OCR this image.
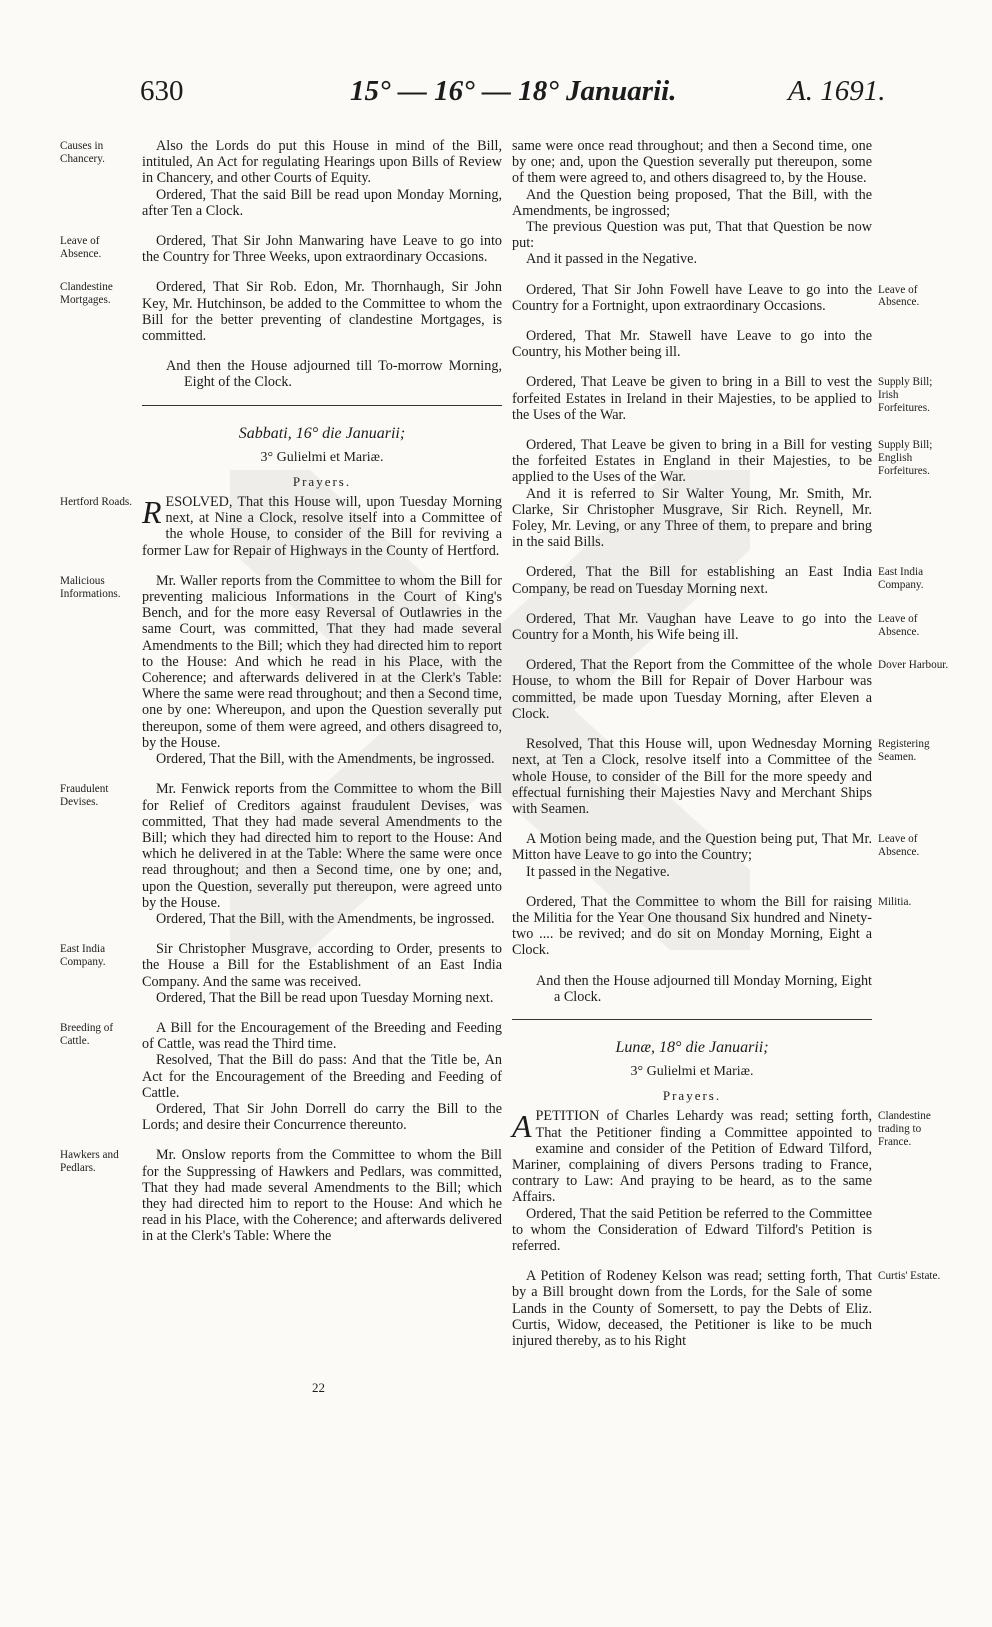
630	15° — 16° — 18° Januarii.	A. 1691.
Causes in Chancery.

Also the Lords do put this House in mind of the Bill, intituled, An Act for regulating Hearings upon Bills of Review in Chancery, and other Courts of Equity.

Ordered, That the said Bill be read upon Monday Morning, after Ten a Clock.

Leave of Absence.

Ordered, That Sir John Manwaring have Leave to go into the Country for Three Weeks, upon extraordinary Occasions.

Clandestine Mortgages.

Ordered, That Sir Rob. Edon, Mr. Thornhaugh, Sir John Key, Mr. Hutchinson, be added to the Committee to whom the Bill for the better preventing of clandestine Mortgages, is committed.

And then the House adjourned till To-morrow Morning, Eight of the Clock.

Sabbati, 16° die Januarii;
3° Gulielmi et Mariæ.
Prayers.
Hertford Roads. RESOLVED, That this House will, upon Tuesday Morning next, at Nine a Clock, resolve itself into a Committee of the whole House, to consider of the Bill for reviving a former Law for Repair of Highways in the County of Hertford.

Malicious Informations.

Mr. Waller reports from the Committee to whom the Bill for preventing malicious Informations in the Court of King's Bench, and for the more easy Reversal of Outlawries in the same Court, was committed, That they had made several Amendments to the Bill; which they had directed him to report to the House: And which he read in his Place, with the Coherence; and afterwards delivered in at the Clerk's Table: Where the same were read throughout; and then a Second time, one by one: Whereupon, and upon the Question severally put thereupon, some of them were agreed, and others disagreed to, by the House.

Ordered, That the Bill, with the Amendments, be ingrossed.

Fraudulent Devises.

Mr. Fenwick reports from the Committee to whom the Bill for Relief of Creditors against fraudulent Devises, was committed, That they had made several Amendments to the Bill; which they had directed him to report to the House: And which he delivered in at the Table: Where the same were once read throughout; and then a Second time, one by one; and, upon the Question, severally put thereupon, were agreed unto by the House.

Ordered, That the Bill, with the Amendments, be ingrossed.

East India Company.

Sir Christopher Musgrave, according to Order, presents to the House a Bill for the Establishment of an East India Company. And the same was received.

Ordered, That the Bill be read upon Tuesday Morning next.

Breeding of Cattle.

A Bill for the Encouragement of the Breeding and Feeding of Cattle, was read the Third time.

Resolved, That the Bill do pass: And that the Title be, An Act for the Encouragement of the Breeding and Feeding of Cattle.

Ordered, That Sir John Dorrell do carry the Bill to the Lords; and desire their Concurrence thereunto.

Hawkers and Pedlars.

Mr. Onslow reports from the Committee to whom the Bill for the Suppressing of Hawkers and Pedlars, was committed, That they had made several Amendments to the Bill; which they had directed him to report to the House: And which he read in his Place, with the Coherence; and afterwards delivered in at the Clerk's Table: Where the

same were once read throughout; and then a Second time, one by one; and, upon the Question severally put thereupon, some of them were agreed to, and others disagreed to, by the House.

And the Question being proposed, That the Bill, with the Amendments, be ingrossed;

The previous Question was put, That that Question be now put:

And it passed in the Negative.

Leave of Absence.

Ordered, That Sir John Fowell have Leave to go into the Country for a Fortnight, upon extraordinary Occasions.

Ordered, That Mr. Stawell have Leave to go into the Country, his Mother being ill.

Supply Bill; Irish Forfeitures.

Ordered, That Leave be given to bring in a Bill to vest the forfeited Estates in Ireland in their Majesties, to be applied to the Uses of the War.

Supply Bill; English Forfeitures.

Ordered, That Leave be given to bring in a Bill for vesting the forfeited Estates in England in their Majesties, to be applied to the Uses of the War.

And it is referred to Sir Walter Young, Mr. Smith, Mr. Clarke, Sir Christopher Musgrave, Sir Rich. Reynell, Mr. Foley, Mr. Leving, or any Three of them, to prepare and bring in the said Bills.

East India Company.

Ordered, That the Bill for establishing an East India Company, be read on Tuesday Morning next.

Leave of Absence.

Ordered, That Mr. Vaughan have Leave to go into the Country for a Month, his Wife being ill.

Dover Harbour.

Ordered, That the Report from the Committee of the whole House, to whom the Bill for Repair of Dover Harbour was committed, be made upon Tuesday Morning, after Eleven a Clock.

Registering Seamen.

Resolved, That this House will, upon Wednesday Morning next, at Ten a Clock, resolve itself into a Committee of the whole House, to consider of the Bill for the more speedy and effectual furnishing their Majesties Navy and Merchant Ships with Seamen.

Leave of Absence.

A Motion being made, and the Question being put, That Mr. Mitton have Leave to go into the Country;

It passed in the Negative.

Militia.

Ordered, That the Committee to whom the Bill for raising the Militia for the Year One thousand Six hundred and Ninety-two .... be revived; and do sit on Monday Morning, Eight a Clock.

And then the House adjourned till Monday Morning, Eight a Clock.

Lunæ, 18° die Januarii;
3° Gulielmi et Mariæ.
Prayers.
Clandestine trading to France.

APETITION of Charles Lehardy was read; setting forth, That the Petitioner finding a Committee appointed to examine and consider of the Petition of Edward Tilford, Mariner, complaining of divers Persons trading to France, contrary to Law: And praying to be heard, as to the same Affairs.

Ordered, That the said Petition be referred to the Committee to whom the Consideration of Edward Tilford's Petition is referred.

Curtis' Estate.

A Petition of Rodeney Kelson was read; setting forth, That by a Bill brought down from the Lords, for the Sale of some Lands in the County of Somersett, to pay the Debts of Eliz. Curtis, Widow, deceased, the Petitioner is like to be much injured thereby, as to his Right

22
